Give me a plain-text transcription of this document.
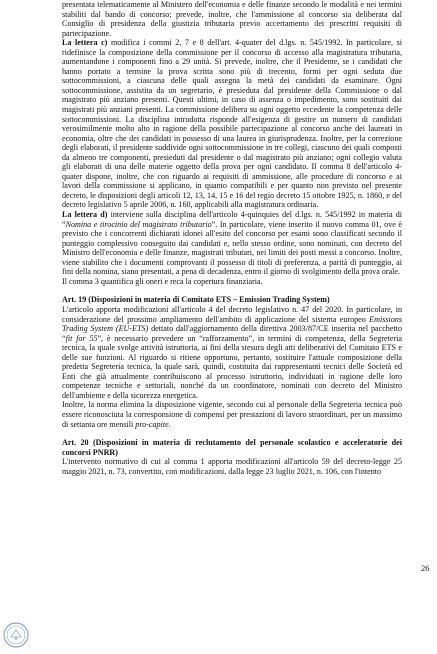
presentata telematicamente al Ministero dell'economia e delle finanze secondo le modalità e nei termini stabiliti dal bando di concorso; prevede, inoltre, che l'ammissione al concorso sia deliberata dal Consiglio di presidenza della giustizia tributaria previo accertamento dei prescritti requisiti di partecipazione.

La lettera c) modifica i commi 2, 7 e 8 dell'art. 4-quater del d.lgs. n. 545/1992. In particolare, si ridefinisce la composizione della commissione per il concorso di accesso alla magistratura tributaria, aumentandone i componenti fino a 29 unità. Si prevede, inoltre, che il Presidente, se i candidati che hanno portato a termine la prova scritta sono più di trecento, formi per ogni seduta due sottocommissioni, a ciascuna delle quali assegna la metà dei candidati da esaminare. Ogni sottocommissione, assistita da un segretario, è presieduta dal presidente della Commissione o dal magistrato più anziano presenti. Questi ultimi, in caso di assenza o impedimento, sono sostituiti dai magistrati più anziani presenti. La commissione delibera su ogni oggetto eccedente la competenza delle sottocommissioni. La disciplina introdotta risponde all'esigenza di gestire un numero di candidati verosimilmente molto alto in ragione della possibile partecipazione al concorso anche dei laureati in economia, oltre che dei candidati in possesso di una laurea in giurisprudenza. Inoltre, per la correzione degli elaborati, il presidente suddivide ogni sottocommissione in tre collegi, ciascuno dei quali composti da almeno tre componenti, presieduti dal presidente o dal magistrato più anziano; ogni collegio valuta gli elaborati di una delle materie oggetto della prova per ogni candidato. Il comma 8 dell'articolo 4-quater dispone, inoltre, che con riguardo ai requisiti di ammissione, alle procedure di concorso e ai lavori della commissione si applicano, in quanto compatibili e per quanto non previsto nel presente decreto, le disposizioni degli articoli 12, 13, 14, 15 e 16 del regio decreto 15 ottobre 1925, n. 1860, e del decreto legislativo 5 aprile 2006, n. 160, applicabili alla magistratura ordinaria.

La lettera d) interviene sulla disciplina dell'articolo 4-quinquies del d.lgs. n. 545/1992 in materia di “Nomina e tirocinio del magistrato tributario”. In particolare, viene inserito il nuovo comma 01, ove è previsto che i concorrenti dichiarati idonei all'esito del concorso per esami sono classificati secondo il punteggio complessivo conseguito dai candidati e, nello stesso ordine, sono nominati, con decreto del Ministro dell'economia e delle finanze, magistrati tributari, nei limiti dei posti messi a concorso. Inoltre, viene stabilito che i documenti comprovanti il possesso di titoli di preferenza, a parità di punteggio, ai fini della nomina, siano presentati, a pena di decadenza, entro il giorno di svolgimento della prova orale.

Il comma 3 quantifica gli oneri e reca la copertura finanziaria.

Art. 19 (Disposizioni in materia di Comitato ETS – Emission Trading System)

L'articolo apporta modificazioni all'articolo 4 del decreto legislativo n. 47 del 2020. In particolare, in considerazione del prossimo ampliamento dell'ambito di applicazione del sistema europeo Emissions Trading System (EU-ETS) dettato dall'aggiornamento della direttiva 2003/87/CE inserita nel pacchetto “fit for 55”, è necessario prevedere un “rafforzamento”, in termini di competenza, della Segreteria tecnica, la quale svolge attività istruttoria, ai fini della stesura degli atti deliberativi del Comitato ETS e delle sue funzioni. Al riguardo si ritiene opportuno, pertanto, sostituire l'attuale composizione della predetta Segreteria tecnica, la quale sarà, quindi, costituita dai rappresentanti tecnici delle Società ed Enti che già attualmente contribuiscono al processo istruttorio, individuati in ragione delle loro competenze tecniche e settoriali, nonché da un coordinatore, nominati con decreto del Ministro dell'ambiente e della sicurezza energetica.

Inoltre, la norma elimina la disposizione vigente, secondo cui al personale della Segreteria tecnica può essere riconosciuta la corresponsione di compensi per prestazioni di lavoro straordinari, per un massimo di settanta ore mensili pro-capite.

Art. 20 (Disposizioni in materia di reclutamento del personale scolastico e acceleratorie dei concorsi PNRR)

L'intervento normativo di cui al comma 1 apporta modificazioni all'articolo 59 del decreto-legge 25 maggio 2021, n. 73, convertito, con modificazioni, dalla legge 23 luglio 2021, n. 106, con l'intento

26
